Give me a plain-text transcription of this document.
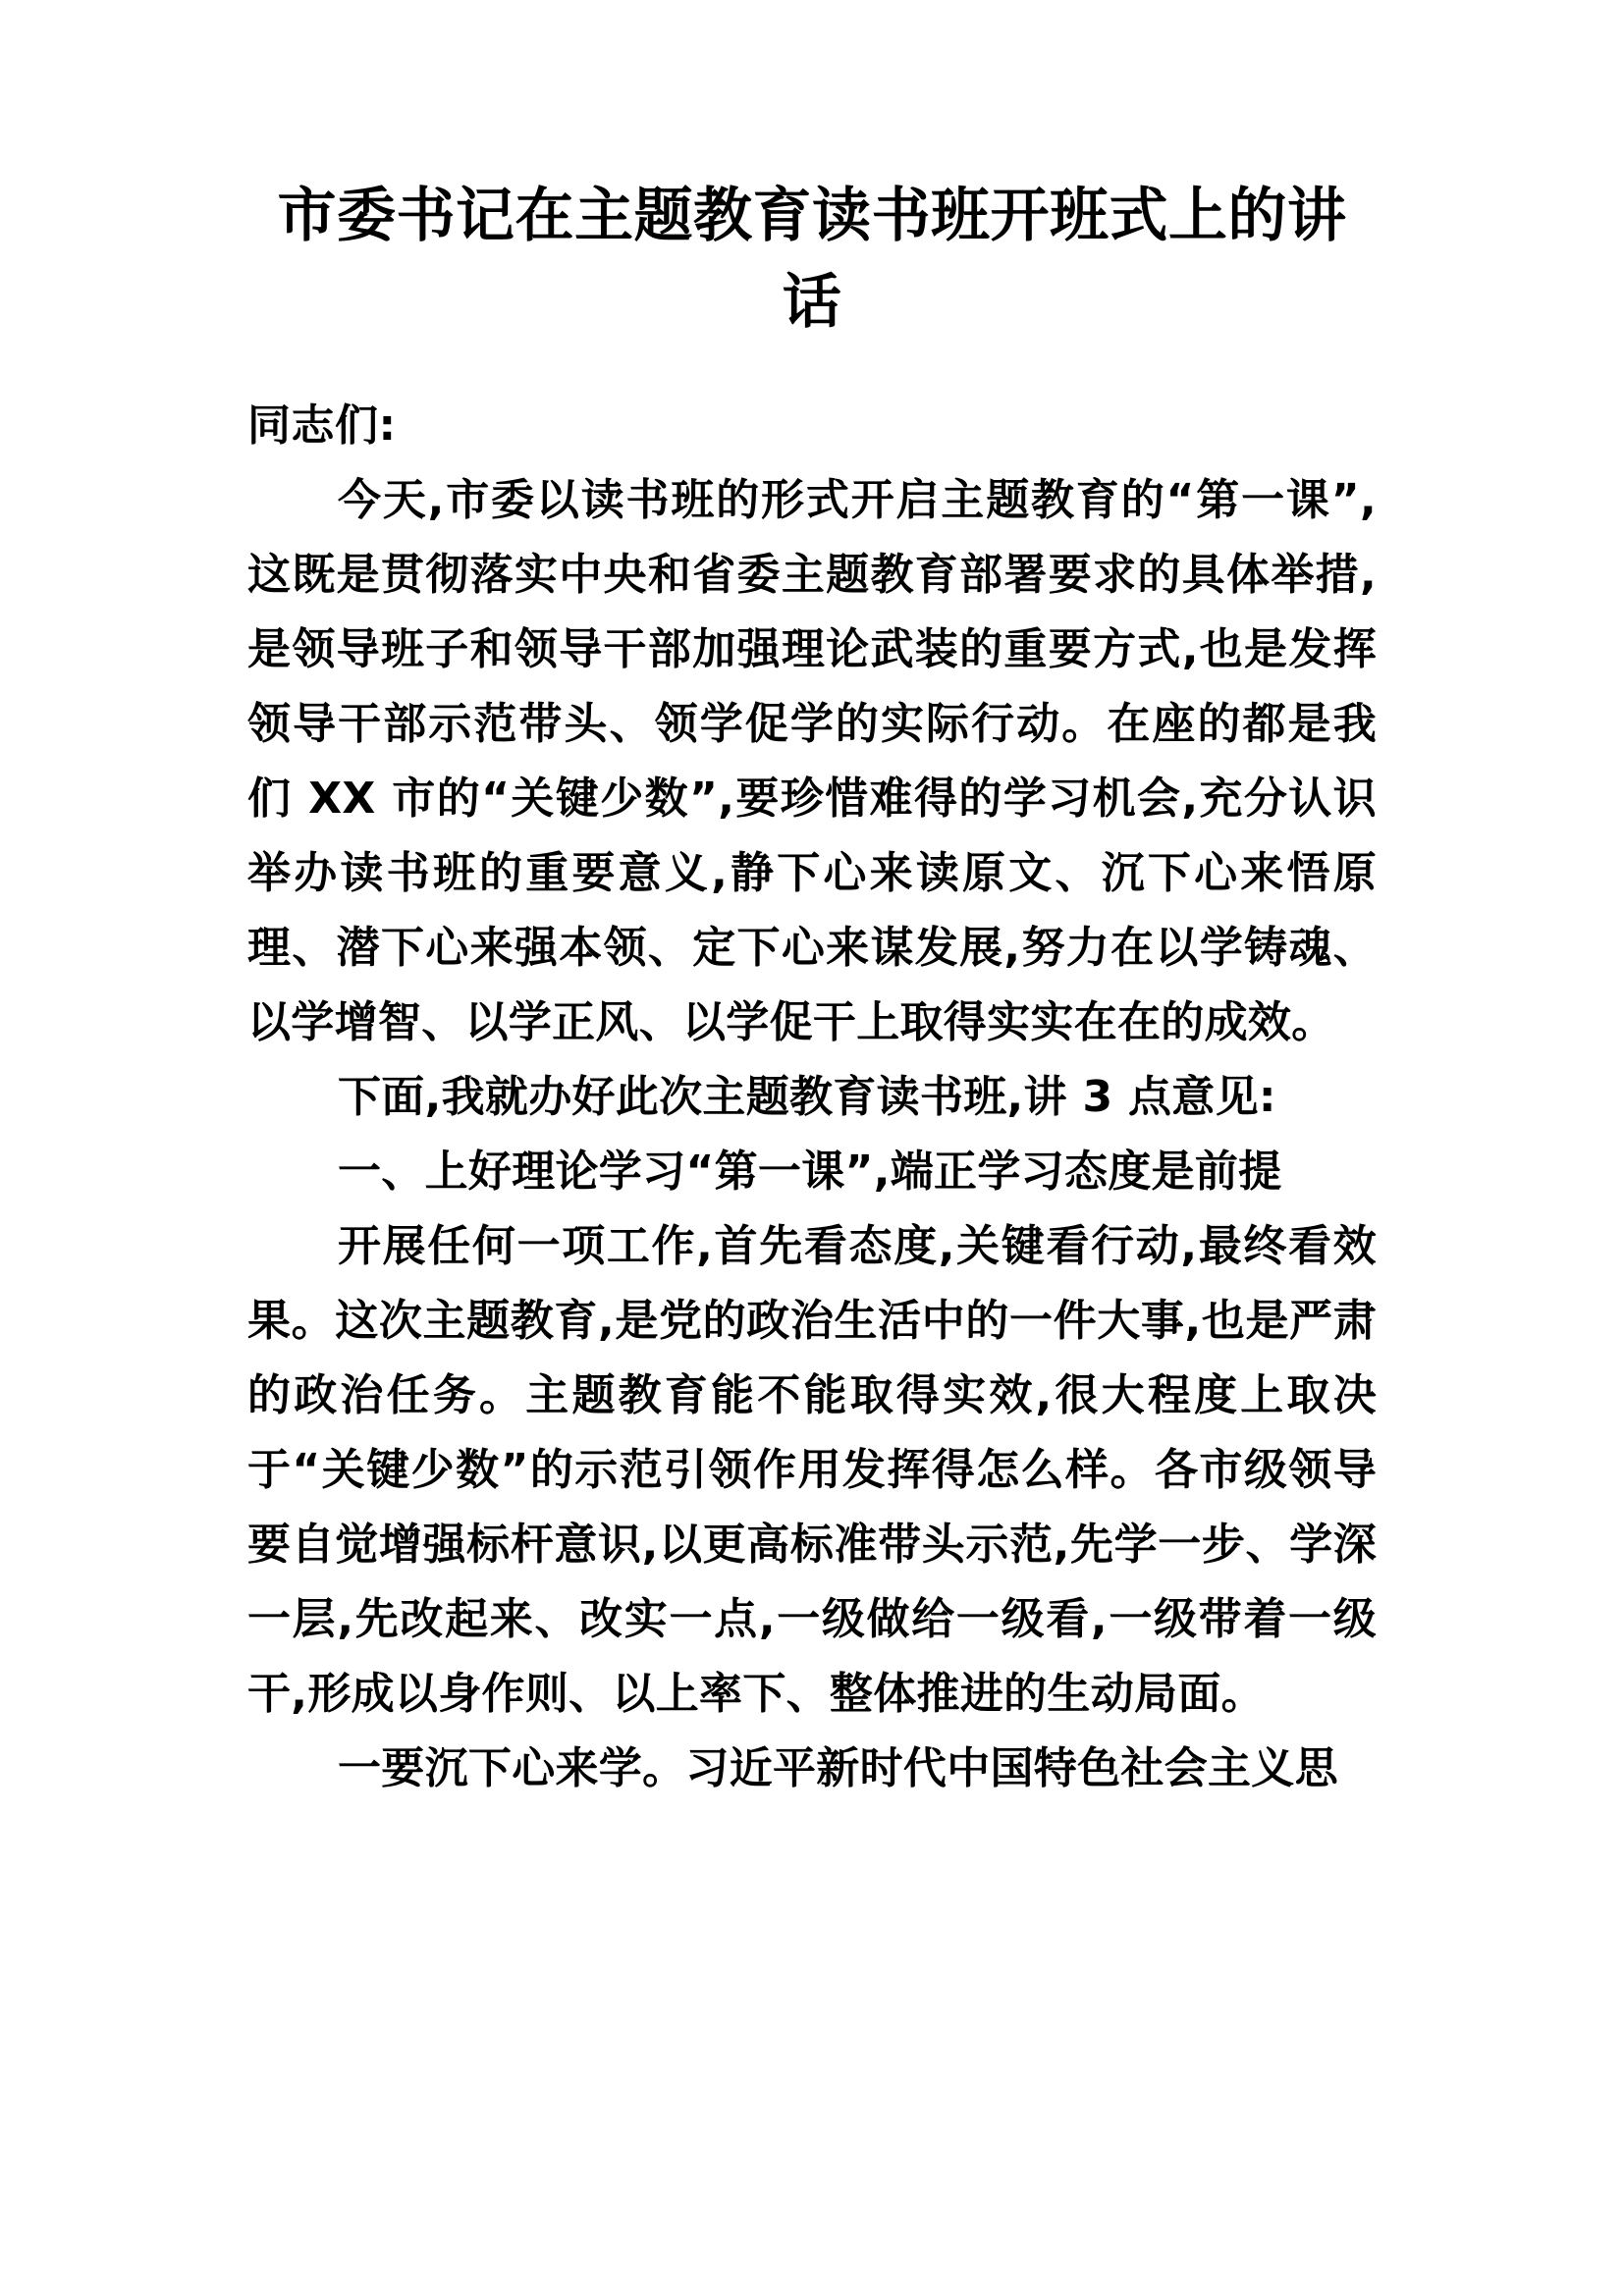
市委书记在主题教育读书班开班式上的讲话

同志们:

今天,市委以读书班的形式开启主题教育的“第一课”,这既是贯彻落实中央和省委主题教育部署要求的具体举措,是领导班子和领导干部加强理论武装的重要方式,也是发挥领导干部示范带头、领学促学的实际行动。在座的都是我们 XX 市的“关键少数”,要珍惜难得的学习机会,充分认识举办读书班的重要意义,静下心来读原文、沉下心来悟原理、潜下心来强本领、定下心来谋发展,努力在以学铸魂、以学增智、以学正风、以学促干上取得实实在在的成效。

下面,我就办好此次主题教育读书班,讲 3 点意见:

一、上好理论学习“第一课”,端正学习态度是前提

开展任何一项工作,首先看态度,关键看行动,最终看效果。这次主题教育,是党的政治生活中的一件大事,也是严肃的政治任务。主题教育能不能取得实效,很大程度上取决于“关键少数”的示范引领作用发挥得怎么样。各市级领导要自觉增强标杆意识,以更高标准带头示范,先学一步、学深一层,先改起来、改实一点,一级做给一级看,一级带着一级干,形成以身作则、以上率下、整体推进的生动局面。

一要沉下心来学。习近平新时代中国特色社会主义思
